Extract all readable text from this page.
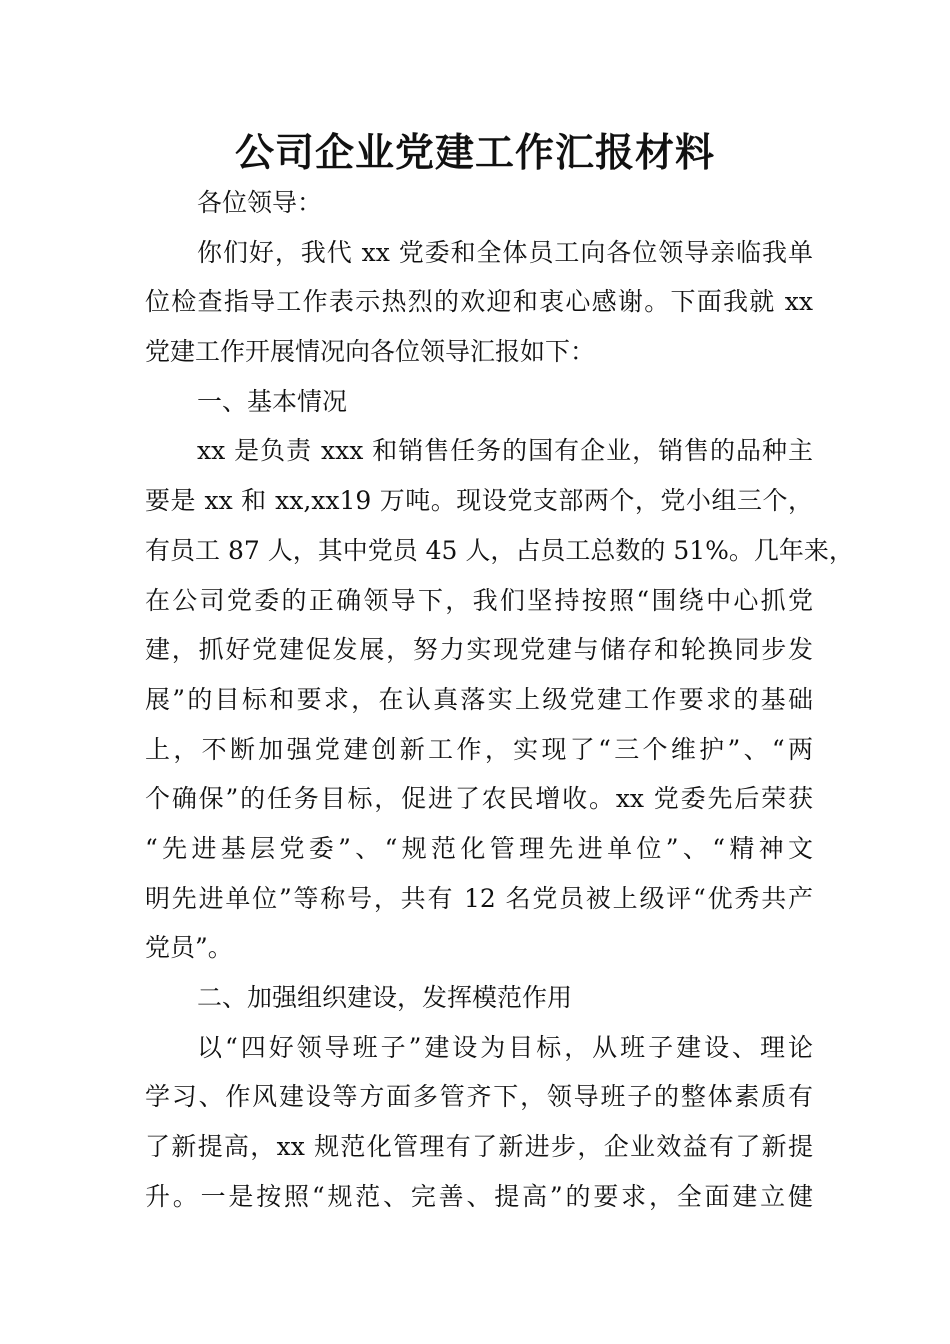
公司企业党建工作汇报材料

各位领导：

你们好，我代 xx 党委和全体员工向各位领导亲临我单

位检查指导工作表示热烈的欢迎和衷心感谢。下面我就 xx

党建工作开展情况向各位领导汇报如下：

一、基本情况

xx 是负责 xxx 和销售任务的国有企业，销售的品种主

要是 xx 和 xx,xx19 万吨。现设党支部两个，党小组三个，

有员工 87 人，其中党员 45 人，占员工总数的 51%。几年来，

在公司党委的正确领导下，我们坚持按照“围绕中心抓党

建，抓好党建促发展，努力实现党建与储存和轮换同步发

展”的目标和要求，在认真落实上级党建工作要求的基础

上，不断加强党建创新工作，实现了“三个维护”、“两

个确保”的任务目标，促进了农民增收。xx 党委先后荣获

“先进基层党委”、“规范化管理先进单位”、“精神文

明先进单位”等称号，共有 12 名党员被上级评“优秀共产

党员”。

二、加强组织建设，发挥模范作用

以“四好领导班子”建设为目标，从班子建设、理论

学习、作风建设等方面多管齐下，领导班子的整体素质有

了新提高，xx 规范化管理有了新进步，企业效益有了新提

升。一是按照“规范、完善、提高”的要求，全面建立健
